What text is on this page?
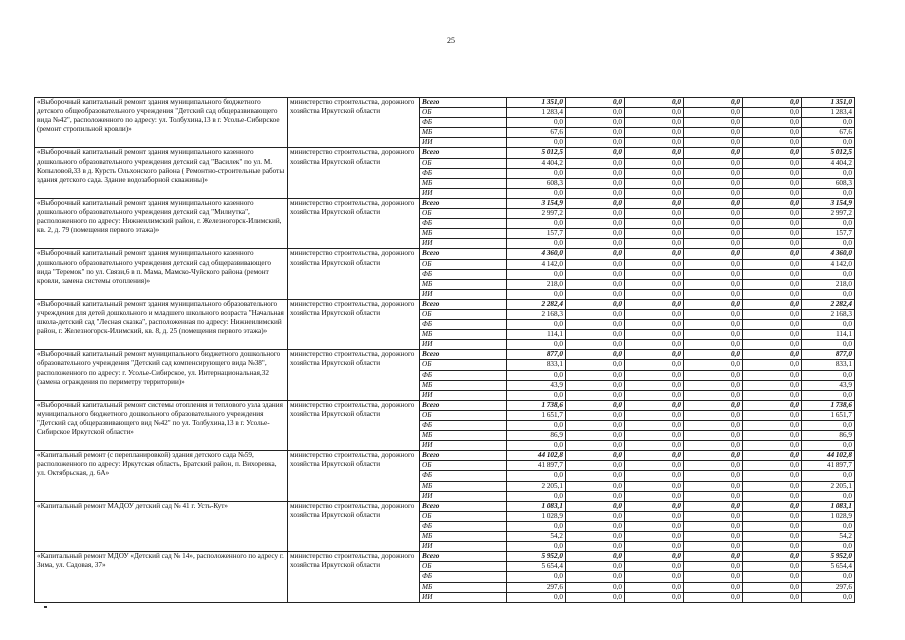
25
«Выборочный капитальный ремонт здания муниципального бюджетного детского общеобразовательного учреждения "Детский сад общеразвивающего вида №42", расположенного по адресу: ул. Толбухина,13 в г. Усолье-Сибирское (ремонт стропильной кровли)»	министерство строительства, дорожного хозяйства Иркутской области	Всего	1 351,0	0,0	0,0	0,0	0,0	1 351,0
		ОБ	1 283,4	0,0	0,0	0,0	0,0	1 283,4
		ФБ	0,0	0,0	0,0	0,0	0,0	0,0
		МБ	67,6	0,0	0,0	0,0	0,0	67,6
		ИИ	0,0	0,0	0,0	0,0	0,0	0,0
«Выборочный капитальный ремонт здания муниципального казенного дошкольного образовательного учреждения детский сад "Василек" по ул. М. Копыловой,33 в д. Курсть Ольхонского района ( Ремонтно-строительные работы здания детского сада. Здание водозаборной скважины)»	министерство строительства, дорожного хозяйства Иркутской области	Всего	5 012,5	0,0	0,0	0,0	0,0	5 012,5
		ОБ	4 404,2	0,0	0,0	0,0	0,0	4 404,2
		ФБ	0,0	0,0	0,0	0,0	0,0	0,0
		МБ	608,3	0,0	0,0	0,0	0,0	608,3
		ИИ	0,0	0,0	0,0	0,0	0,0	0,0
«Выборочный капитальный ремонт здания муниципального казенного дошкольного образовательного учреждения детский сад "Милиутка", расположенного по адресу: Нижнеилимский район, г. Железногорск-Илимский, кв. 2, д. 79 (помещения первого этажа)»	министерство строительства, дорожного хозяйства Иркутской области	Всего	3 154,9	0,0	0,0	0,0	0,0	3 154,9
		ОБ	2 997,2	0,0	0,0	0,0	0,0	2 997,2
		ФБ	0,0	0,0	0,0	0,0	0,0	0,0
		МБ	157,7	0,0	0,0	0,0	0,0	157,7
		ИИ	0,0	0,0	0,0	0,0	0,0	0,0
«Выборочный капитальный ремонт здания муниципального казенного дошкольного образовательного учреждения детский сад общеразвивающего вида "Теремок" по ул. Связи,6 в п. Мама, Мамско-Чуйского района (ремонт кровли, замена системы отопления)»	министерство строительства, дорожного хозяйства Иркутской области	Всего	4 360,0	0,0	0,0	0,0	0,0	4 360,0
		ОБ	4 142,0	0,0	0,0	0,0	0,0	4 142,0
		ФБ	0,0	0,0	0,0	0,0	0,0	0,0
		МБ	218,0	0,0	0,0	0,0	0,0	218,0
		ИИ	0,0	0,0	0,0	0,0	0,0	0,0
«Выборочный капитальный ремонт здания муниципального образовательного учреждения для детей дошкольного и младшего школьного возраста "Начальная школа-детский сад "Лесная сказка", расположенная по адресу: Нижнеилимский район, г. Железногорск-Илимский, кв. 8, д. 25 (помещения первого этажа)»	министерство строительства, дорожного хозяйства Иркутской области	Всего	2 282,4	0,0	0,0	0,0	0,0	2 282,4
		ОБ	2 168,3	0,0	0,0	0,0	0,0	2 168,3
		ФБ	0,0	0,0	0,0	0,0	0,0	0,0
		МБ	114,1	0,0	0,0	0,0	0,0	114,1
		ИИ	0,0	0,0	0,0	0,0	0,0	0,0
«Выборочный капитальный ремонт муниципального бюджетного дошкольного образовательного учреждения "Детский сад компенсирующего вида №38", расположенного по адресу: г. Усолье-Сибирское, ул. Интернациональная,32 (замена ограждения по периметру территории)»	министерство строительства, дорожного хозяйства Иркутской области	Всего	877,0	0,0	0,0	0,0	0,0	877,0
		ОБ	833,1	0,0	0,0	0,0	0,0	833,1
		ФБ	0,0	0,0	0,0	0,0	0,0	0,0
		МБ	43,9	0,0	0,0	0,0	0,0	43,9
		ИИ	0,0	0,0	0,0	0,0	0,0	0,0
«Выборочный капитальный ремонт системы отопления и теплового узла здания муниципального бюджетного дошкольного образовательного учреждения "Детский сад общеразвивающего вид №42" по ул. Толбухина,13 в г. Усолье-Сибирское Иркутской области»	министерство строительства, дорожного хозяйства Иркутской области	Всего	1 738,6	0,0	0,0	0,0	0,0	1 738,6
		ОБ	1 651,7	0,0	0,0	0,0	0,0	1 651,7
		ФБ	0,0	0,0	0,0	0,0	0,0	0,0
		МБ	86,9	0,0	0,0	0,0	0,0	86,9
		ИИ	0,0	0,0	0,0	0,0	0,0	0,0
«Капитальный ремонт (с перепланировкой) здания детского сада №59, расположенного по адресу: Иркутская область, Братский район, п. Вихоревка, ул. Октябрьская, д. 6А»	министерство строительства, дорожного хозяйства Иркутской области	Всего	44 102,8	0,0	0,0	0,0	0,0	44 102,8
		ОБ	41 897,7	0,0	0,0	0,0	0,0	41 897,7
		ФБ	0,0	0,0	0,0	0,0	0,0	0,0
		МБ	2 205,1	0,0	0,0	0,0	0,0	2 205,1
		ИИ	0,0	0,0	0,0	0,0	0,0	0,0
«Капитальный ремонт МАДОУ детский сад № 41 г. Усть-Кут»	министерство строительства, дорожного хозяйства Иркутской области	Всего	1 083,1	0,0	0,0	0,0	0,0	1 083,1
		ОБ	1 028,9	0,0	0,0	0,0	0,0	1 028,9
		ФБ	0,0	0,0	0,0	0,0	0,0	0,0
		МБ	54,2	0,0	0,0	0,0	0,0	54,2
		ИИ	0,0	0,0	0,0	0,0	0,0	0,0
«Капитальный ремонт МДОУ «Детский сад № 14», расположенного по адресу г. Зима, ул. Садовая, 37»	министерство строительства, дорожного хозяйства Иркутской области	Всего	5 952,0	0,0	0,0	0,0	0,0	5 952,0
		ОБ	5 654,4	0,0	0,0	0,0	0,0	5 654,4
		ФБ	0,0	0,0	0,0	0,0	0,0	0,0
		МБ	297,6	0,0	0,0	0,0	0,0	297,6
		ИИ	0,0	0,0	0,0	0,0	0,0	0,0
